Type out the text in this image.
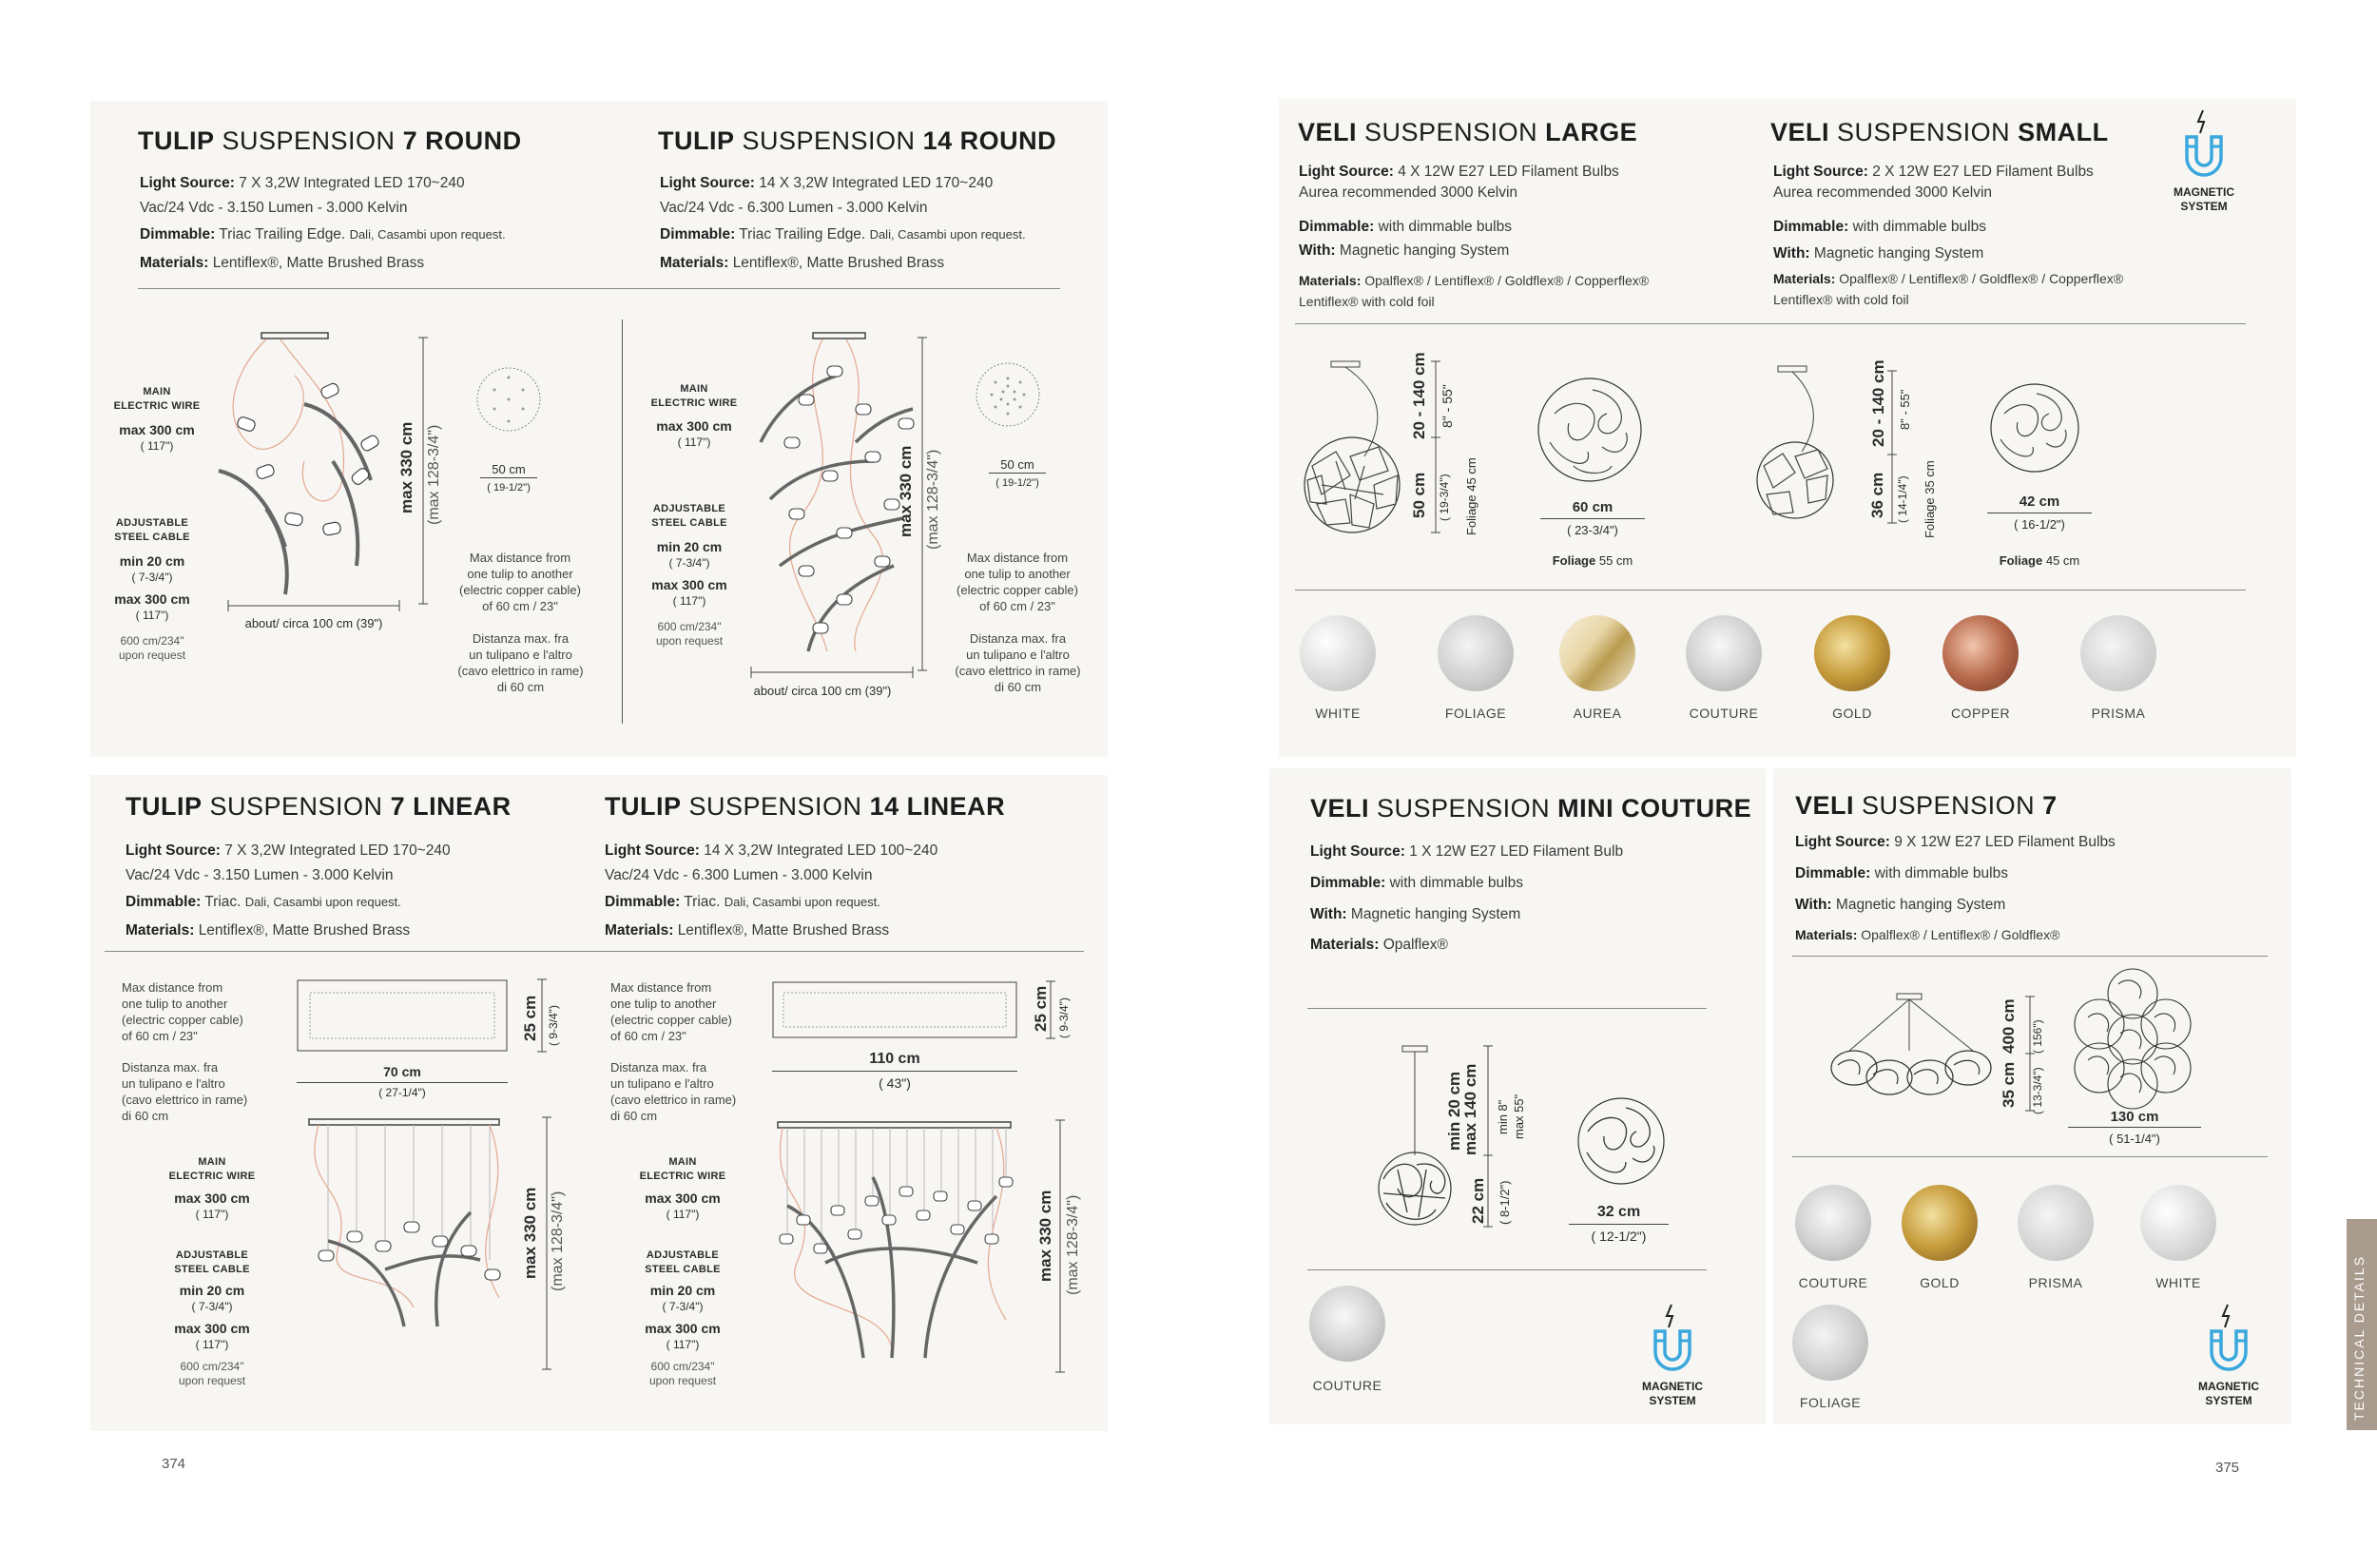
TULIP SUSPENSION 7 ROUND
Light Source: 7 X 3,2W Integrated LED 170~240
Vac/24 Vdc - 3.150 Lumen - 3.000 Kelvin
Dimmable: Triac Trailing Edge. Dali, Casambi upon request.
Materials: Lentiflex®, Matte Brushed Brass
TULIP SUSPENSION 14 ROUND
Light Source: 14 X 3,2W Integrated LED 170~240
Vac/24 Vdc - 6.300 Lumen - 3.000 Kelvin
Dimmable: Triac Trailing Edge. Dali, Casambi upon request.
Materials: Lentiflex®, Matte Brushed Brass
max 330 cm (max 128-3/4")	50 cm
( 19-1/2")
MAIN
ELECTRIC WIRE
max 300 cm
( 117")
ADJUSTABLE
STEEL CABLE
min 20 cm
( 7-3/4")
max 300 cm
( 117")
600 cm/234"
upon request
about/ circa 100 cm (39")
Max distance from
one tulip to another
(electric copper cable)
of 60 cm / 23"
Distanza max. fra
un tulipano e l'altro
(cavo elettrico in rame)
di 60 cm
max 330 cm (max 128-3/4")	50 cm
( 19-1/2")
MAIN
ELECTRIC WIRE
max 300 cm
( 117")
ADJUSTABLE
STEEL CABLE
min 20 cm
( 7-3/4")
max 300 cm
( 117")
600 cm/234"
upon request
about/ circa 100 cm (39")
Max distance from
one tulip to another
(electric copper cable)
of 60 cm / 23"
Distanza max. fra
un tulipano e l'altro
(cavo elettrico in rame)
di 60 cm
TULIP SUSPENSION 7 LINEAR
Light Source: 7 X 3,2W Integrated LED 170~240
Vac/24 Vdc - 3.150 Lumen - 3.000 Kelvin
Dimmable: Triac. Dali, Casambi upon request.
Materials: Lentiflex®, Matte Brushed Brass
TULIP SUSPENSION 14 LINEAR
Light Source: 14 X 3,2W Integrated LED 100~240
Vac/24 Vdc - 6.300 Lumen - 3.000 Kelvin
Dimmable: Triac. Dali, Casambi upon request.
Materials: Lentiflex®, Matte Brushed Brass
Max distance from
one tulip to another
(electric copper cable)
of 60 cm / 23"
Distanza max. fra
un tulipano e l'altro
(cavo elettrico in rame)
di 60 cm
25 cm ( 9-3/4")
70 cm
( 27-1/4")
MAIN
ELECTRIC WIRE
max 300 cm
( 117")
ADJUSTABLE
STEEL CABLE
min 20 cm
( 7-3/4")
max 300 cm
( 117")
600 cm/234"
upon request
max 330 cm (max 128-3/4")
Max distance from
one tulip to another
(electric copper cable)
of 60 cm / 23"
Distanza max. fra
un tulipano e l'altro
(cavo elettrico in rame)
di 60 cm
25 cm ( 9-3/4")
110 cm
( 43")
MAIN
ELECTRIC WIRE
max 300 cm
( 117")
ADJUSTABLE
STEEL CABLE
min 20 cm
( 7-3/4")
max 300 cm
( 117")
600 cm/234"
upon request
max 330 cm (max 128-3/4")
374
VELI SUSPENSION LARGE
Light Source: 4 X 12W E27 LED Filament Bulbs
Aurea recommended 3000 Kelvin
Dimmable: with dimmable bulbs
With: Magnetic hanging System
Materials: Opalflex® / Lentiflex® / Goldflex® / Copperflex®
Lentiflex® with cold foil
VELI SUSPENSION SMALL
Light Source: 2 X 12W E27 LED Filament Bulbs
Aurea recommended 3000 Kelvin
Dimmable: with dimmable bulbs
With: Magnetic hanging System
Materials: Opalflex® / Lentiflex® / Goldflex® / Copperflex®
Lentiflex® with cold foil
MAGNETIC
SYSTEM
20 - 140 cm 8" - 55"
50 cm ( 19-3/4") Foliage 45 cm	60 cm
( 23-3/4")
Foliage 55 cm
20 - 140 cm 8" - 55"
36 cm ( 14-1/4") Foliage 35 cm	42 cm
( 16-1/2")
Foliage 45 cm
WHITE	FOLIAGE	AUREA	COUTURE	GOLD	COPPER	PRISMA
VELI SUSPENSION MINI COUTURE
Light Source: 1 X 12W E27 LED Filament Bulb
Dimmable: with dimmable bulbs
With: Magnetic hanging System
Materials: Opalflex®
min 20 cm
max 140 cm min 8" max 55"
22 cm ( 8-1/2")	32 cm
( 12-1/2")
COUTURE	MAGNETIC
SYSTEM
VELI SUSPENSION 7
Light Source: 9 X 12W E27 LED Filament Bulbs
Dimmable: with dimmable bulbs
With: Magnetic hanging System
Materials: Opalflex® / Lentiflex® / Goldflex®
400 cm ( 156")
35 cm ( 13-3/4")
130 cm
( 51-1/4")
COUTURE	GOLD	PRISMA	WHITE
FOLIAGE
MAGNETIC
SYSTEM	TECHNICAL DETAILS
375
